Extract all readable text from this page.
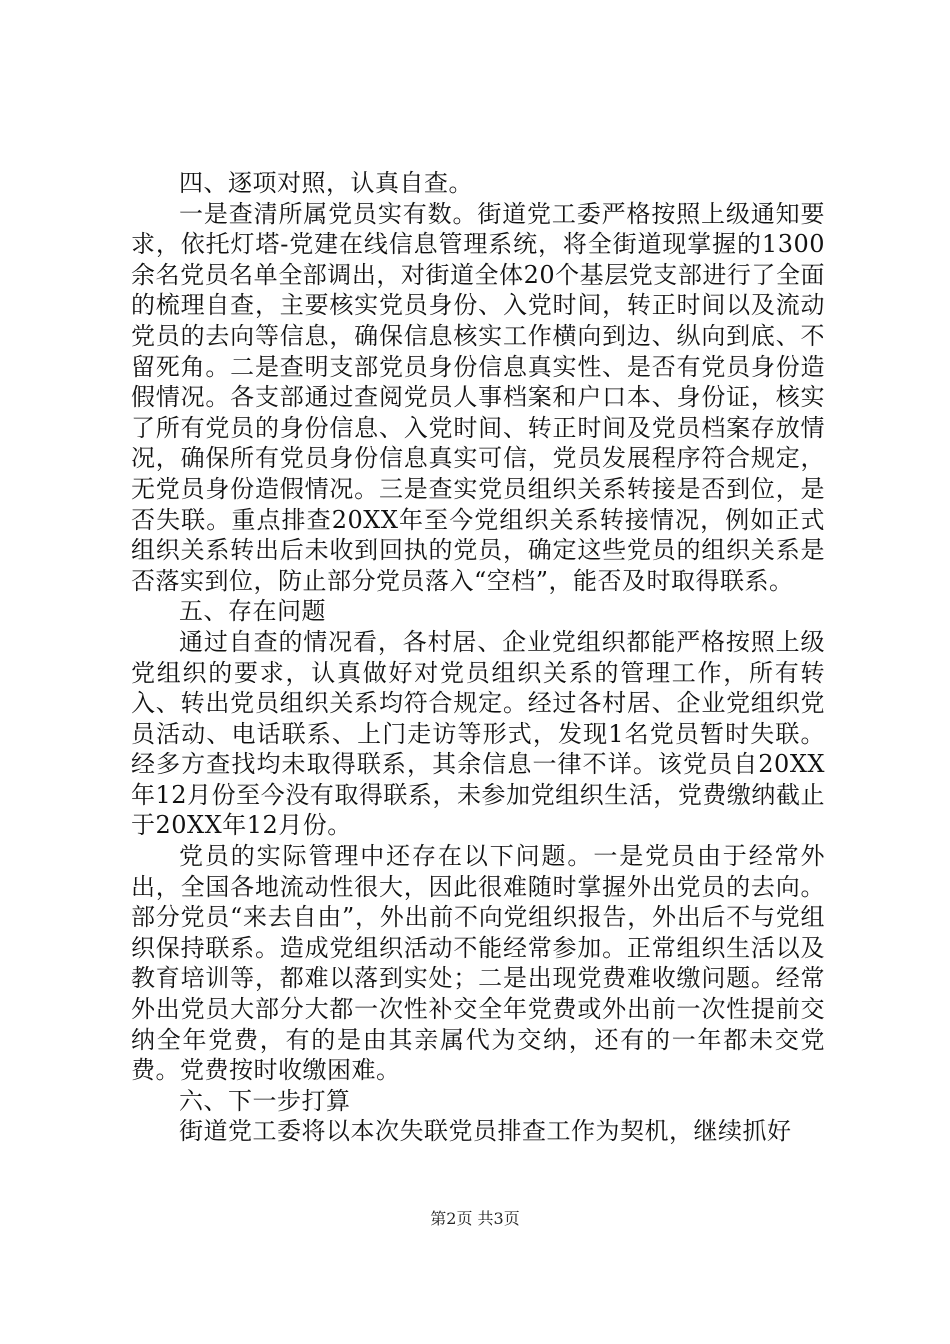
四、逐项对照，认真自查。

一是查清所属党员实有数。街道党工委严格按照上级通知要求，依托灯塔-党建在线信息管理系统，将全街道现掌握的1300余名党员名单全部调出，对街道全体20个基层党支部进行了全面的梳理自查，主要核实党员身份、入党时间，转正时间以及流动党员的去向等信息，确保信息核实工作横向到边、纵向到底、不留死角。二是查明支部党员身份信息真实性、是否有党员身份造假情况。各支部通过查阅党员人事档案和户口本、身份证，核实了所有党员的身份信息、入党时间、转正时间及党员档案存放情况，确保所有党员身份信息真实可信，党员发展程序符合规定，无党员身份造假情况。三是查实党员组织关系转接是否到位，是否失联。重点排查20XX年至今党组织关系转接情况，例如正式组织关系转出后未收到回执的党员，确定这些党员的组织关系是否落实到位，防止部分党员落入“空档”，能否及时取得联系。

五、存在问题

通过自查的情况看，各村居、企业党组织都能严格按照上级党组织的要求，认真做好对党员组织关系的管理工作，所有转入、转出党员组织关系均符合规定。经过各村居、企业党组织党员活动、电话联系、上门走访等形式，发现1名党员暂时失联。经多方查找均未取得联系，其余信息一律不详。该党员自20XX年12月份至今没有取得联系，未参加党组织生活，党费缴纳截止于20XX年12月份。

党员的实际管理中还存在以下问题。一是党员由于经常外出，全国各地流动性很大，因此很难随时掌握外出党员的去向。部分党员“来去自由”，外出前不向党组织报告，外出后不与党组织保持联系。造成党组织活动不能经常参加。正常组织生活以及教育培训等，都难以落到实处；二是出现党费难收缴问题。经常外出党员大部分大都一次性补交全年党费或外出前一次性提前交纳全年党费，有的是由其亲属代为交纳，还有的一年都未交党费。党费按时收缴困难。

六、下一步打算

街道党工委将以本次失联党员排查工作为契机，继续抓好

第2页 共3页
